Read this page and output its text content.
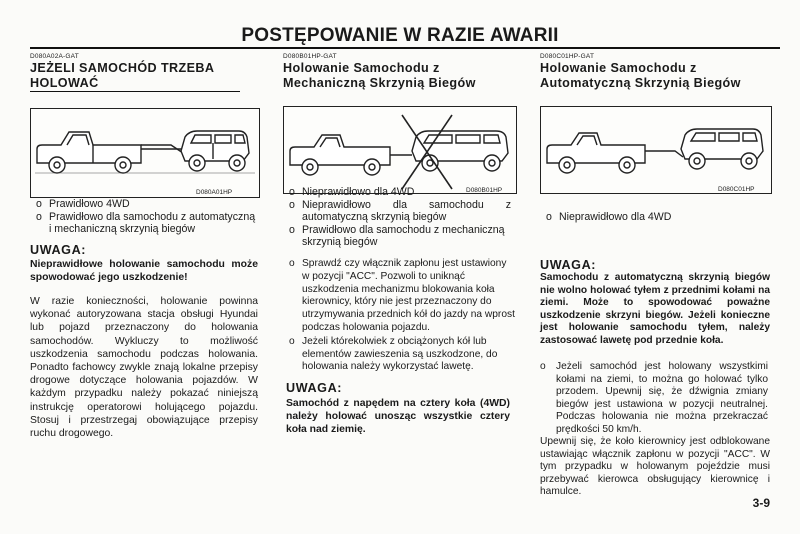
POSTĘPOWANIE W RAZIE AWARII
D080A02A-GAT
JEŻELI SAMOCHÓD TRZEBA HOLOWAĆ
D080A01HP
o Prawidłowo 4WD
o Prawidłowo dla samochodu z automatyczną i mechaniczną skrzynią biegów
UWAGA:
Nieprawidłowe holowanie samochodu może spowodować jego uszkodzenie!
W razie konieczności, holowanie powinna wykonać autoryzowana stacja obsługi Hyundai lub pojazd przeznaczony do holowania samochodów. Wykluczy to możliwość uszkodzenia samochodu podczas holowania. Ponadto fachowcy zwykle znają lokalne przepisy drogowe dotyczące holowania pojazdów. W każdym przypadku należy pokazać niniejszą instrukcję operatorowi holującego pojazdu. Stosuj i przestrzegaj obowiązujące przepisy ruchu drogowego.
D080B01HP-GAT
Holowanie Samochodu z Mechaniczną Skrzynią Biegów
D080B01HP
o Nieprawidłowo dla 4WD
o Nieprawidłowo dla samochodu z automatyczną skrzynią biegów
o Prawidłowo dla samochodu z mechaniczną skrzynią biegów
o Sprawdź czy włącznik zapłonu jest ustawiony w pozycji "ACC". Pozwoli to uniknąć uszkodzenia mechanizmu blokowania koła kierownicy, który nie jest przeznaczony do utrzymywania przednich kół do jazdy na wprost podczas holowania pojazdu.
o Jeżeli którekolwiek z obciążonych kół lub elementów zawieszenia są uszkodzone, do holowania należy wykorzystać lawetę.
UWAGA:
Samochód z napędem na cztery koła (4WD) należy holować unosząc wszystkie cztery koła nad ziemię.
D080C01HP-GAT
Holowanie Samochodu z Automatyczną Skrzynią Biegów
D080C01HP
o Nieprawidłowo dla 4WD
UWAGA:
Samochodu z automatyczną skrzynią biegów nie wolno holować tyłem z przednimi kołami na ziemi. Może to spowodować poważne uszkodzenie skrzyni biegów. Jeżeli konieczne jest holowanie samochodu tyłem, należy zastosować lawetę pod przednie koła.
o Jeżeli samochód jest holowany wszystkimi kołami na ziemi, to można go holować tylko przodem. Upewnij się, że dźwignia zmiany biegów jest ustawiona w pozycji neutralnej. Podczas holowania nie można przekraczać prędkości 50 km/h.
Upewnij się, że koło kierownicy jest odblokowane ustawiając włącznik zapłonu w pozycji "ACC". W tym przypadku w holowanym pojeździe musi przebywać kierowca obsługujący kierownicę i hamulce.
3-9
